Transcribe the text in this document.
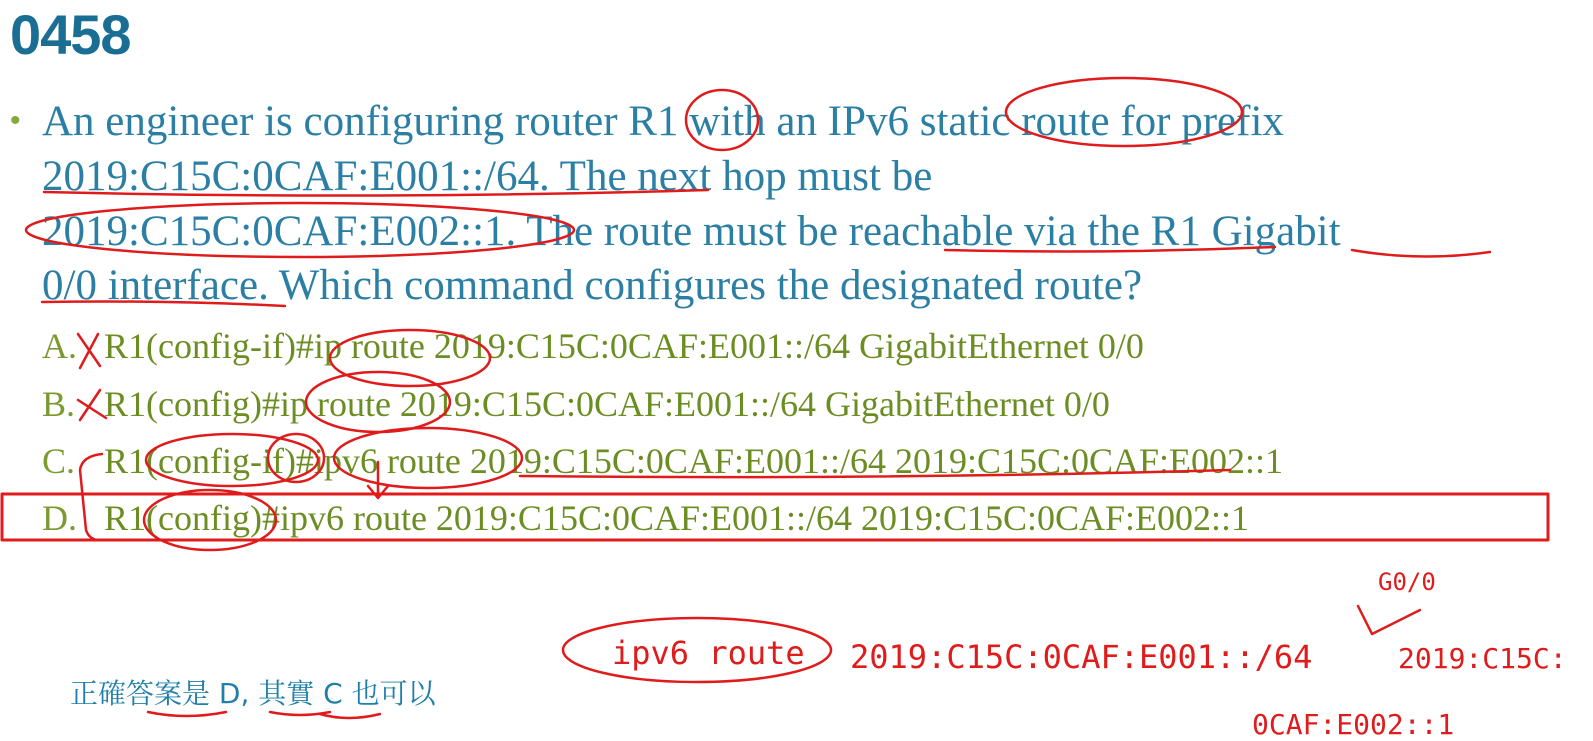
0458
• An engineer is configuring router R1 with an IPv6 static route for prefix
2019:C15C:0CAF:E001::/64. The next hop must be
2019:C15C:0CAF:E002::1. The route must be reachable via the R1 Gigabit
0/0 interface. Which command configures the designated route?
A. R1(config-if)#ip route 2019:C15C:0CAF:E001::/64 GigabitEthernet 0/0
B. R1(config)#ip route 2019:C15C:0CAF:E001::/64 GigabitEthernet 0/0
C. R1(config-if)#ipv6 route 2019:C15C:0CAF:E001::/64 2019:C15C:0CAF:E002::1
D. R1(config)#ipv6 route 2019:C15C:0CAF:E001::/64 2019:C15C:0CAF:E002::1
正確答案是 D, 其實 C 也可以
ipv6 route 2019:C15C:0CAF:E001::/64
G0/0
2019:C15C:
0CAF:E002::1
